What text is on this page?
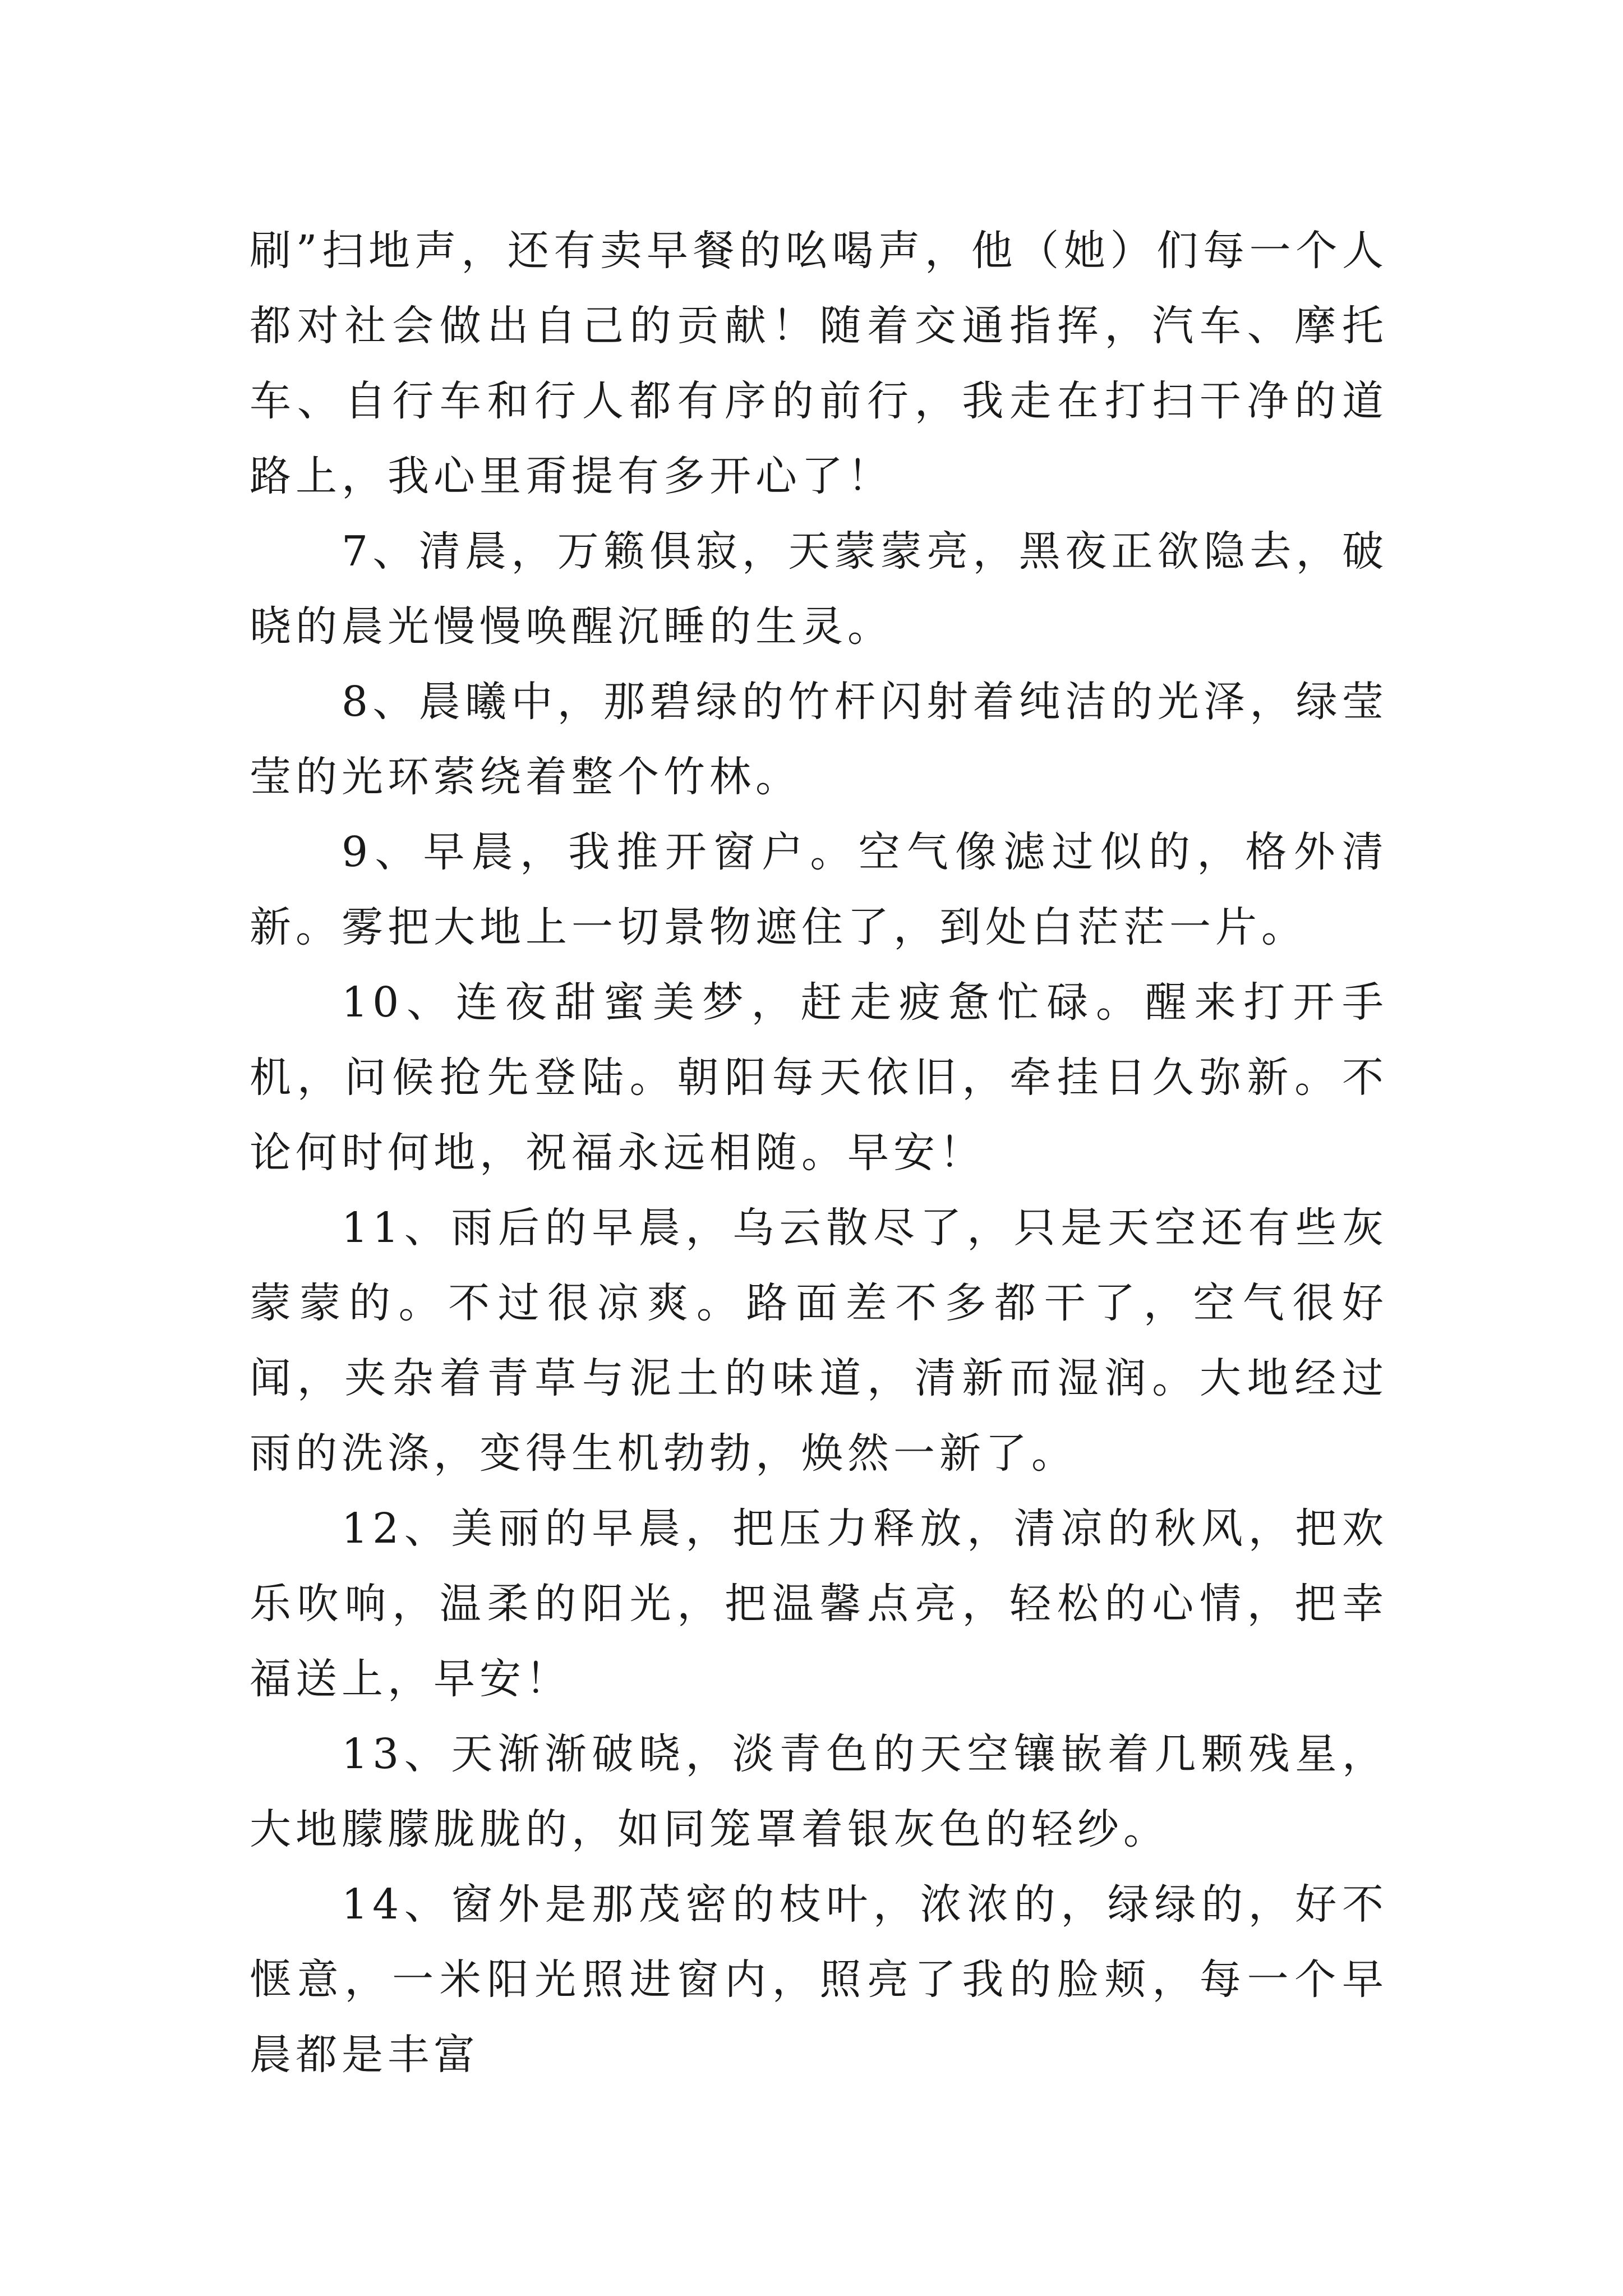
刷”扫地声，还有卖早餐的吆喝声，他（她）们每一个人都对社会做出自己的贡献！随着交通指挥，汽车、摩托车、自行车和行人都有序的前行，我走在打扫干净的道路上，我心里甭提有多开心了！

7、清晨，万籁俱寂，天蒙蒙亮，黑夜正欲隐去，破晓的晨光慢慢唤醒沉睡的生灵。

8、晨曦中，那碧绿的竹杆闪射着纯洁的光泽，绿莹莹的光环萦绕着整个竹林。

9、早晨，我推开窗户。空气像滤过似的，格外清新。雾把大地上一切景物遮住了，到处白茫茫一片。

10、连夜甜蜜美梦，赶走疲惫忙碌。醒来打开手机，问候抢先登陆。朝阳每天依旧，牵挂日久弥新。不论何时何地，祝福永远相随。早安！

11、雨后的早晨，乌云散尽了，只是天空还有些灰蒙蒙的。不过很凉爽。路面差不多都干了，空气很好闻，夹杂着青草与泥土的味道，清新而湿润。大地经过雨的洗涤，变得生机勃勃，焕然一新了。

12、美丽的早晨，把压力释放，清凉的秋风，把欢乐吹响，温柔的阳光，把温馨点亮，轻松的心情，把幸福送上，早安！

13、天渐渐破晓，淡青色的天空镶嵌着几颗残星，大地朦朦胧胧的，如同笼罩着银灰色的轻纱。

14、窗外是那茂密的枝叶，浓浓的，绿绿的，好不惬意，一米阳光照进窗内，照亮了我的脸颊，每一个早晨都是丰富
